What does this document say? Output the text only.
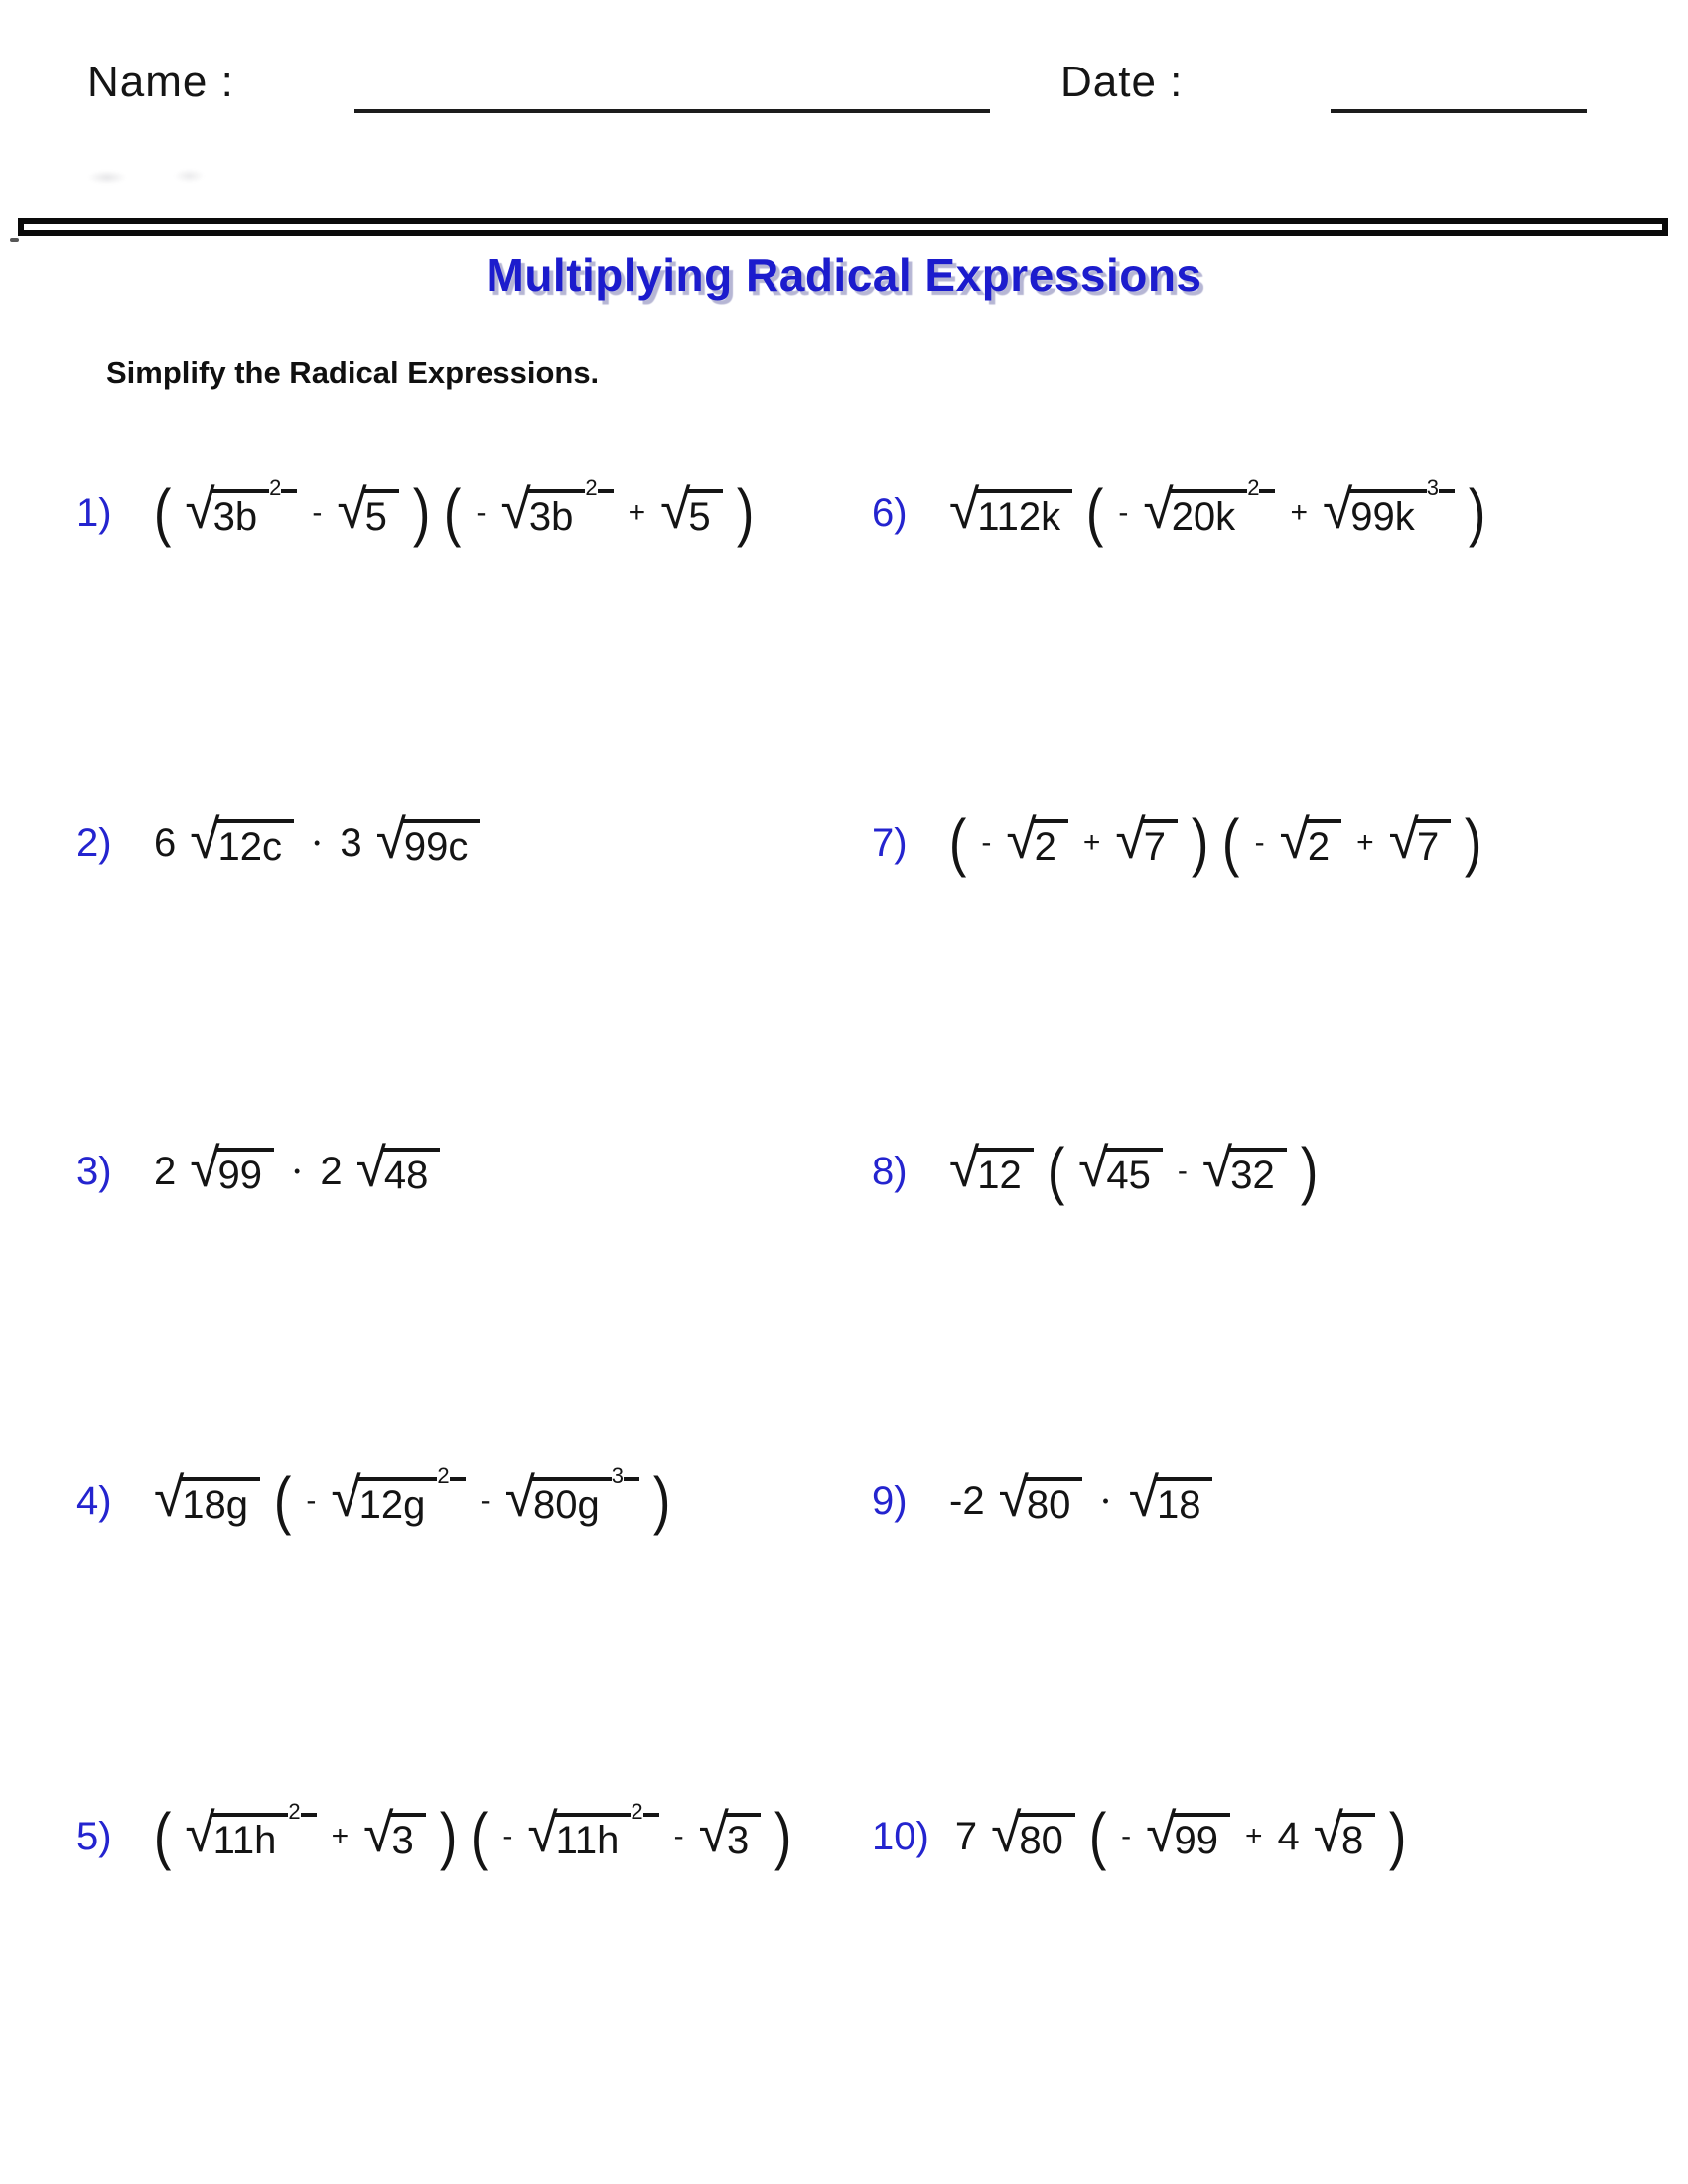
Name :	Date :
Multiplying Radical Expressions
Simplify the Radical Expressions.
1) ( √ 3b
2
- √ 5 ) ( - √ 3b
2
+ √ 5 )
2)	6 √ 12c	• 3 √ 99c
3)	2 √ 99	• 2 √ 48
4) √ 18g ( - √ 12g
2
- √ 80g
3 )
5) ( √ 11h
2
+ √ 3 ) ( - √ 11h
2
- √ 3 )
6) √ 112k ( - √ 20k
2
+ √ 99k
3 )
7) ( - √ 2 + √ 7 ) ( - √ 2 + √ 7 )
8) √ 12 ( √ 45 - √ 32 )
9)	-2 √ 80	• √ 18
10) 7 √ 80 ( - √ 99 + 4 √ 8 )
